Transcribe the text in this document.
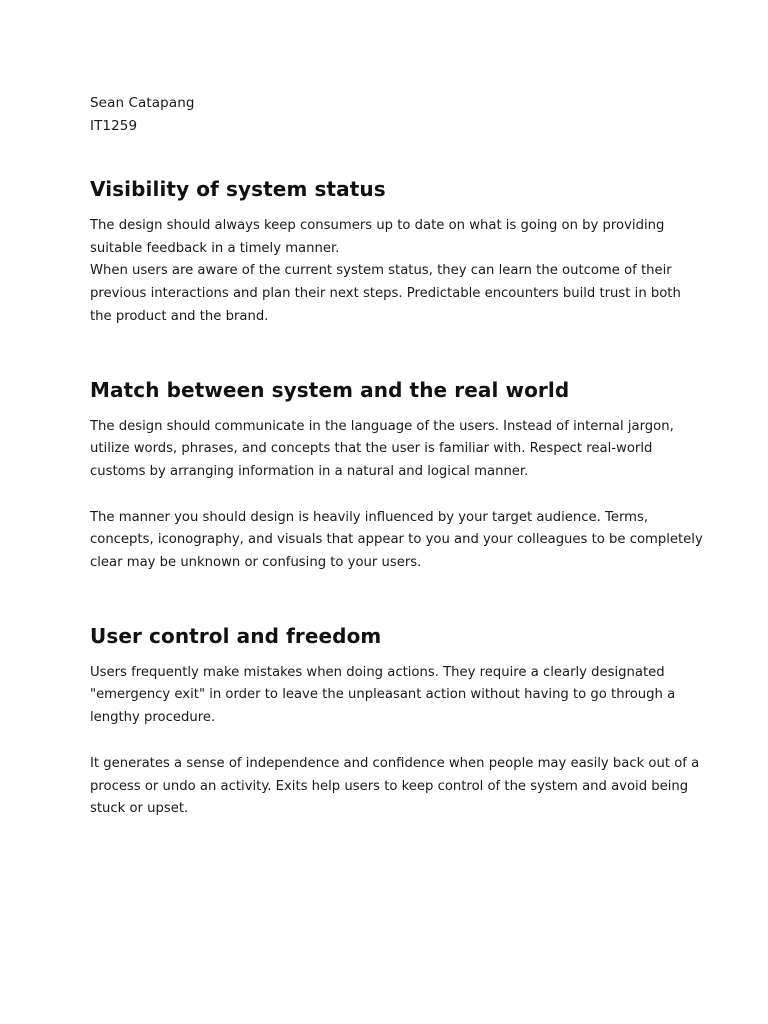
Sean Catapang

IT1259

Visibility of system status

The design should always keep consumers up to date on what is going on by providing
suitable feedback in a timely manner.

When users are aware of the current system status, they can learn the outcome of their
previous interactions and plan their next steps. Predictable encounters build trust in both
the product and the brand.

Match between system and the real world

The design should communicate in the language of the users. Instead of internal jargon,
utilize words, phrases, and concepts that the user is familiar with. Respect real-world
customs by arranging information in a natural and logical manner.

The manner you should design is heavily influenced by your target audience. Terms,
concepts, iconography, and visuals that appear to you and your colleagues to be completely
clear may be unknown or confusing to your users.

User control and freedom

Users frequently make mistakes when doing actions. They require a clearly designated
"emergency exit" in order to leave the unpleasant action without having to go through a
lengthy procedure.

It generates a sense of independence and confidence when people may easily back out of a
process or undo an activity. Exits help users to keep control of the system and avoid being
stuck or upset.
